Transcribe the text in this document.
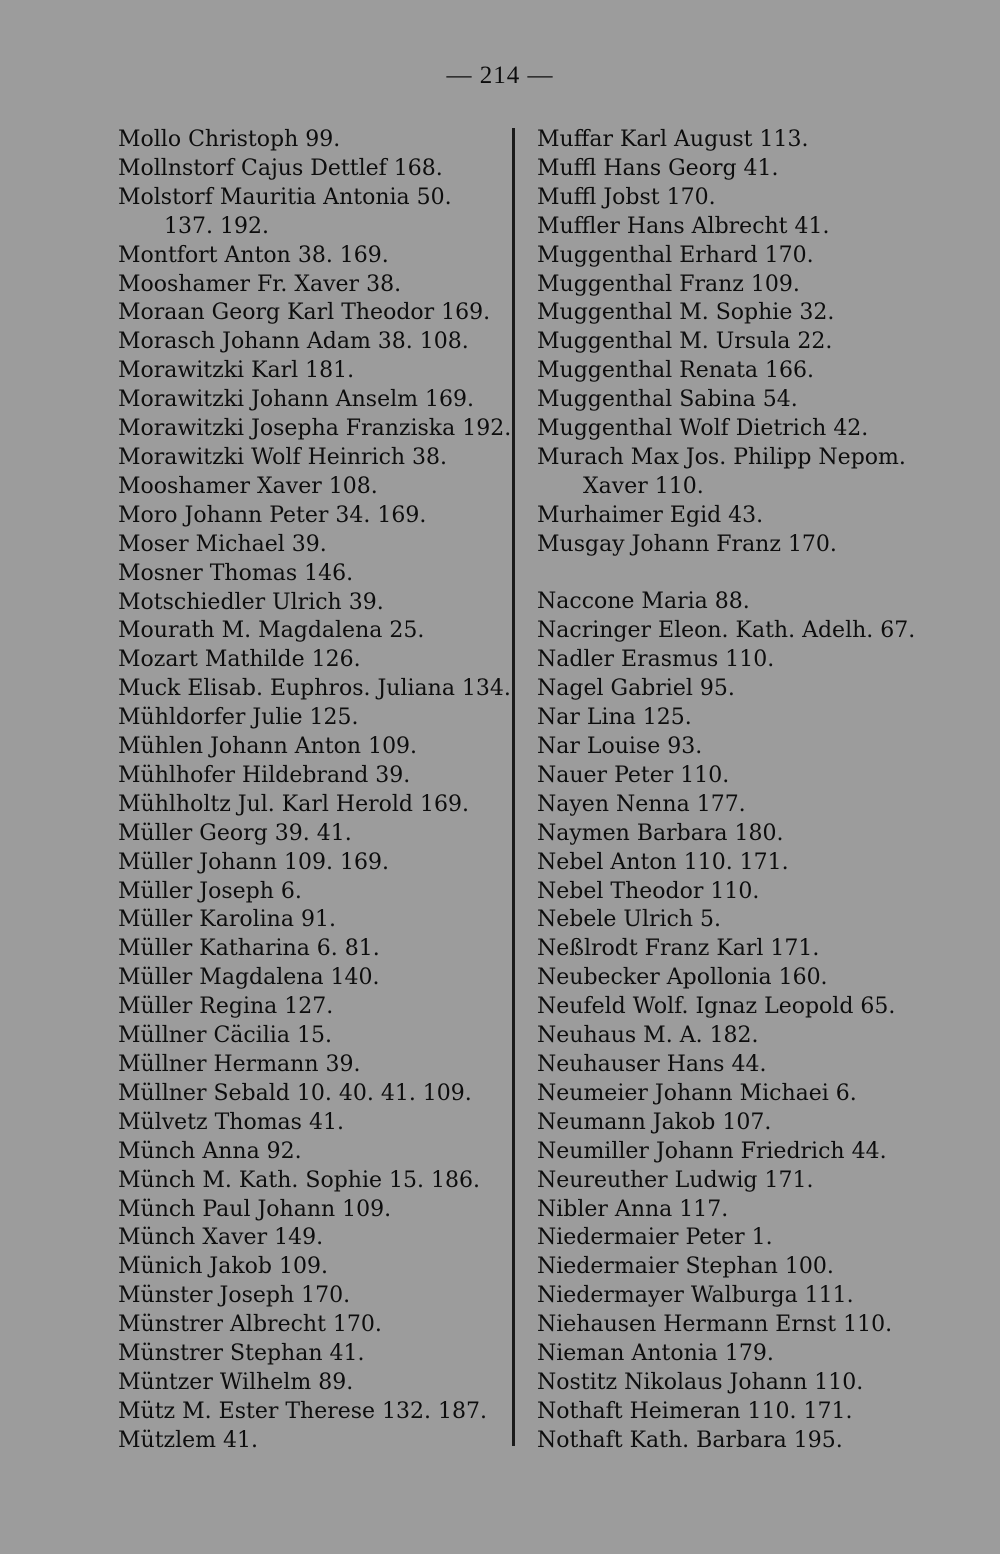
— 214 —
Mollo Christoph 99.
Mollnstorf Cajus Dettlef 168.
Molstorf Mauritia Antonia 50.
137. 192.
Montfort Anton 38. 169.
Mooshamer Fr. Xaver 38.
Moraan Georg Karl Theodor 169.
Morasch Johann Adam 38. 108.
Morawitzki Karl 181.
Morawitzki Johann Anselm 169.
Morawitzki Josepha Franziska 192.
Morawitzki Wolf Heinrich 38.
Mooshamer Xaver 108.
Moro Johann Peter 34. 169.
Moser Michael 39.
Mosner Thomas 146.
Motschiedler Ulrich 39.
Mourath M. Magdalena 25.
Mozart Mathilde 126.
Muck Elisab. Euphros. Juliana 134.
Mühldorfer Julie 125.
Mühlen Johann Anton 109.
Mühlhofer Hildebrand 39.
Mühlholtz Jul. Karl Herold 169.
Müller Georg 39. 41.
Müller Johann 109. 169.
Müller Joseph 6.
Müller Karolina 91.
Müller Katharina 6. 81.
Müller Magdalena 140.
Müller Regina 127.
Müllner Cäcilia 15.
Müllner Hermann 39.
Müllner Sebald 10. 40. 41. 109.
Mülvetz Thomas 41.
Münch Anna 92.
Münch M. Kath. Sophie 15. 186.
Münch Paul Johann 109.
Münch Xaver 149.
Münich Jakob 109.
Münster Joseph 170.
Münstrer Albrecht 170.
Münstrer Stephan 41.
Müntzer Wilhelm 89.
Mütz M. Ester Therese 132. 187.
Mützlem 41.
Muffar Karl August 113.
Muffl Hans Georg 41.
Muffl Jobst 170.
Muffler Hans Albrecht 41.
Muggenthal Erhard 170.
Muggenthal Franz 109.
Muggenthal M. Sophie 32.
Muggenthal M. Ursula 22.
Muggenthal Renata 166.
Muggenthal Sabina 54.
Muggenthal Wolf Dietrich 42.
Murach Max Jos. Philipp Nepom.
Xaver 110.
Murhaimer Egid 43.
Musgay Johann Franz 170.
Naccone Maria 88.
Nacringer Eleon. Kath. Adelh. 67.
Nadler Erasmus 110.
Nagel Gabriel 95.
Nar Lina 125.
Nar Louise 93.
Nauer Peter 110.
Nayen Nenna 177.
Naymen Barbara 180.
Nebel Anton 110. 171.
Nebel Theodor 110.
Nebele Ulrich 5.
Neßlrodt Franz Karl 171.
Neubecker Apollonia 160.
Neufeld Wolf. Ignaz Leopold 65.
Neuhaus M. A. 182.
Neuhauser Hans 44.
Neumeier Johann Michaei 6.
Neumann Jakob 107.
Neumiller Johann Friedrich 44.
Neureuther Ludwig 171.
Nibler Anna 117.
Niedermaier Peter 1.
Niedermaier Stephan 100.
Niedermayer Walburga 111.
Niehausen Hermann Ernst 110.
Nieman Antonia 179.
Nostitz Nikolaus Johann 110.
Nothaft Heimeran 110. 171.
Nothaft Kath. Barbara 195.
